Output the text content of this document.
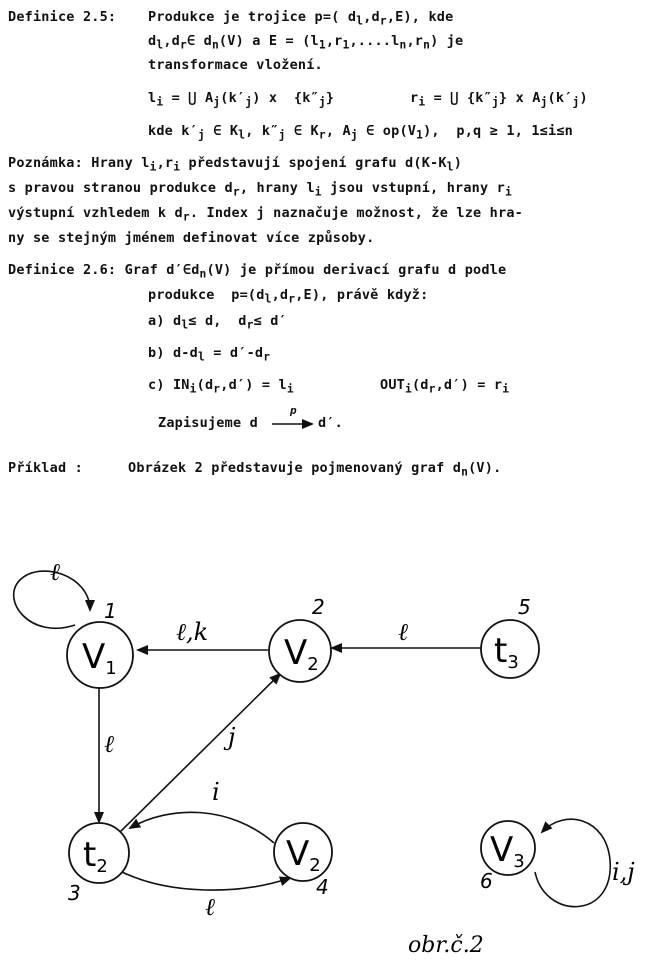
Definice 2.5: Produkce je trojice p=( $d_l,d_r,E$), kde
$d_l,d_r\in$ $d_n(V)$ a $E = (l_1,r_1,....l_n,r_n)$ je
transformace vložení.
$l_i$ = ⋃ $A_j(k'_j)$ x  $\{k''_j\}$	$r_i$ = ⋃ $\{k''_j\}$ x $A_j(k'_j)$
kde $k'_j$ ∈ $K_l$, $k''_j$ ∈ $K_r$, $A_j$ ∈ $op(V_1)$,  p,q ≥ 1, 1≤i≤n
Poznámka: Hrany $l_i,r_i$ představují spojení grafu $d(K-K_l)$
s pravou stranou produkce $d_r$, hrany $l_i$ jsou vstupní, hrany $r_i$
výstupní vzhledem k $d_r$. Index j naznačuje možnost, že lze hra-
ny se stejným jménem definovat více způsoby.
Definice 2.6: Graf $d'\in d_n(V)$ je přímou derivací grafu d podle
produkce  $p=(d_l,d_r,E)$, právě když:
a) $d_l\le d$,  $d_r\le d'$
b) $d-d_l = d'-d_r$
c) $IN_i(d_r,d') = l_i$	$OUT_i(d_r,d') = r_i$
Zapisujeme d
p
d′.
Příklad :	Obrázek 2 představuje pojmenovaný graf $d_n(V)$.
V1
1
V2
2
t3
5
t2
3
V2
4
V3
6
ℓ
ℓ,k	ℓ
ℓ	j
i
ℓ
i,j
obr.č.2
